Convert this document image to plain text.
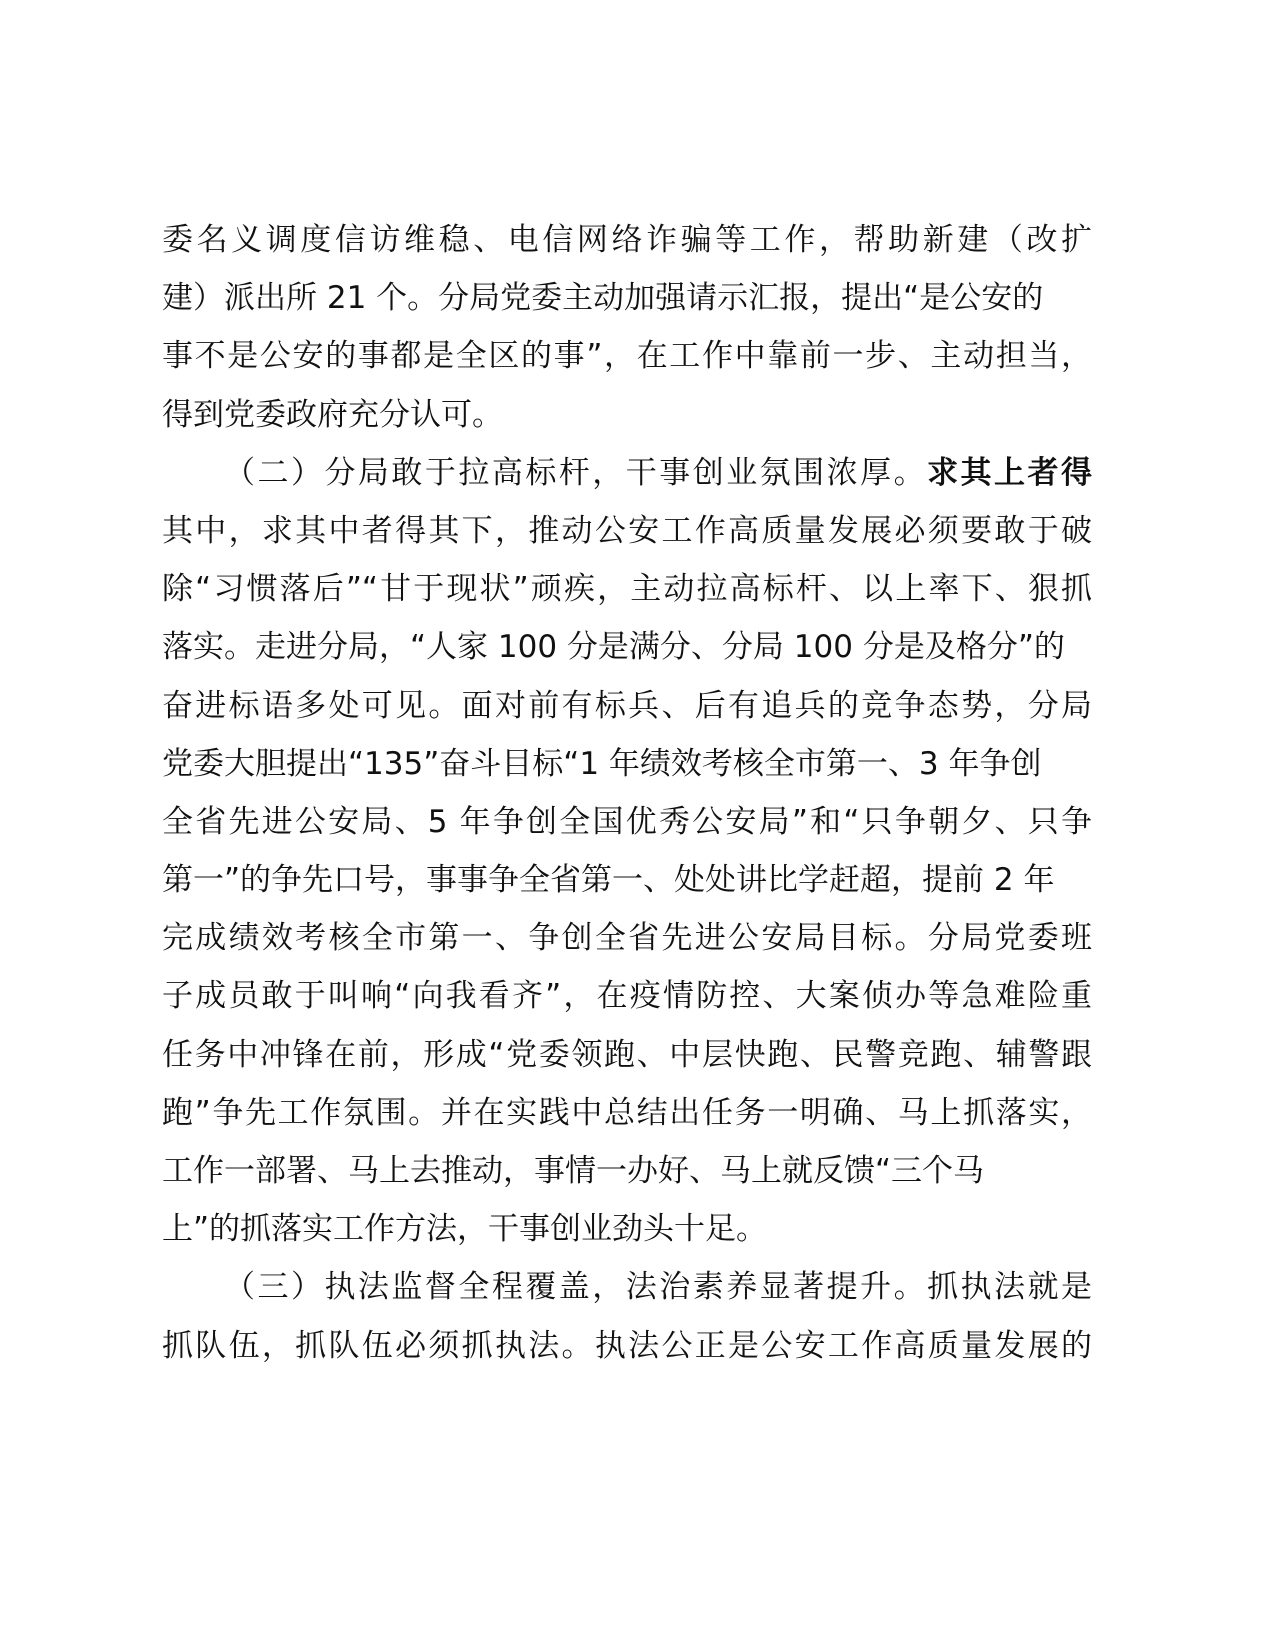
委名义调度信访维稳、电信网络诈骗等工作，帮助新建（改扩
建）派出所 21 个。分局党委主动加强请示汇报，提出“是公安的
事不是公安的事都是全区的事”，在工作中靠前一步、主动担当，
得到党委政府充分认可。
（二）分局敢于拉高标杆，干事创业氛围浓厚。求其上者得
其中，求其中者得其下，推动公安工作高质量发展必须要敢于破
除“习惯落后”“甘于现状”顽疾，主动拉高标杆、以上率下、狠抓
落实。走进分局，“人家 100 分是满分、分局 100 分是及格分”的
奋进标语多处可见。面对前有标兵、后有追兵的竞争态势，分局
党委大胆提出“135”奋斗目标“1 年绩效考核全市第一、3 年争创
全省先进公安局、5 年争创全国优秀公安局”和“只争朝夕、只争
第一”的争先口号，事事争全省第一、处处讲比学赶超，提前 2 年
完成绩效考核全市第一、争创全省先进公安局目标。分局党委班
子成员敢于叫响“向我看齐”，在疫情防控、大案侦办等急难险重
任务中冲锋在前，形成“党委领跑、中层快跑、民警竞跑、辅警跟
跑”争先工作氛围。并在实践中总结出任务一明确、马上抓落实，
工作一部署、马上去推动，事情一办好、马上就反馈“三个马
上”的抓落实工作方法，干事创业劲头十足。
（三）执法监督全程覆盖，法治素养显著提升。抓执法就是
抓队伍，抓队伍必须抓执法。执法公正是公安工作高质量发展的
